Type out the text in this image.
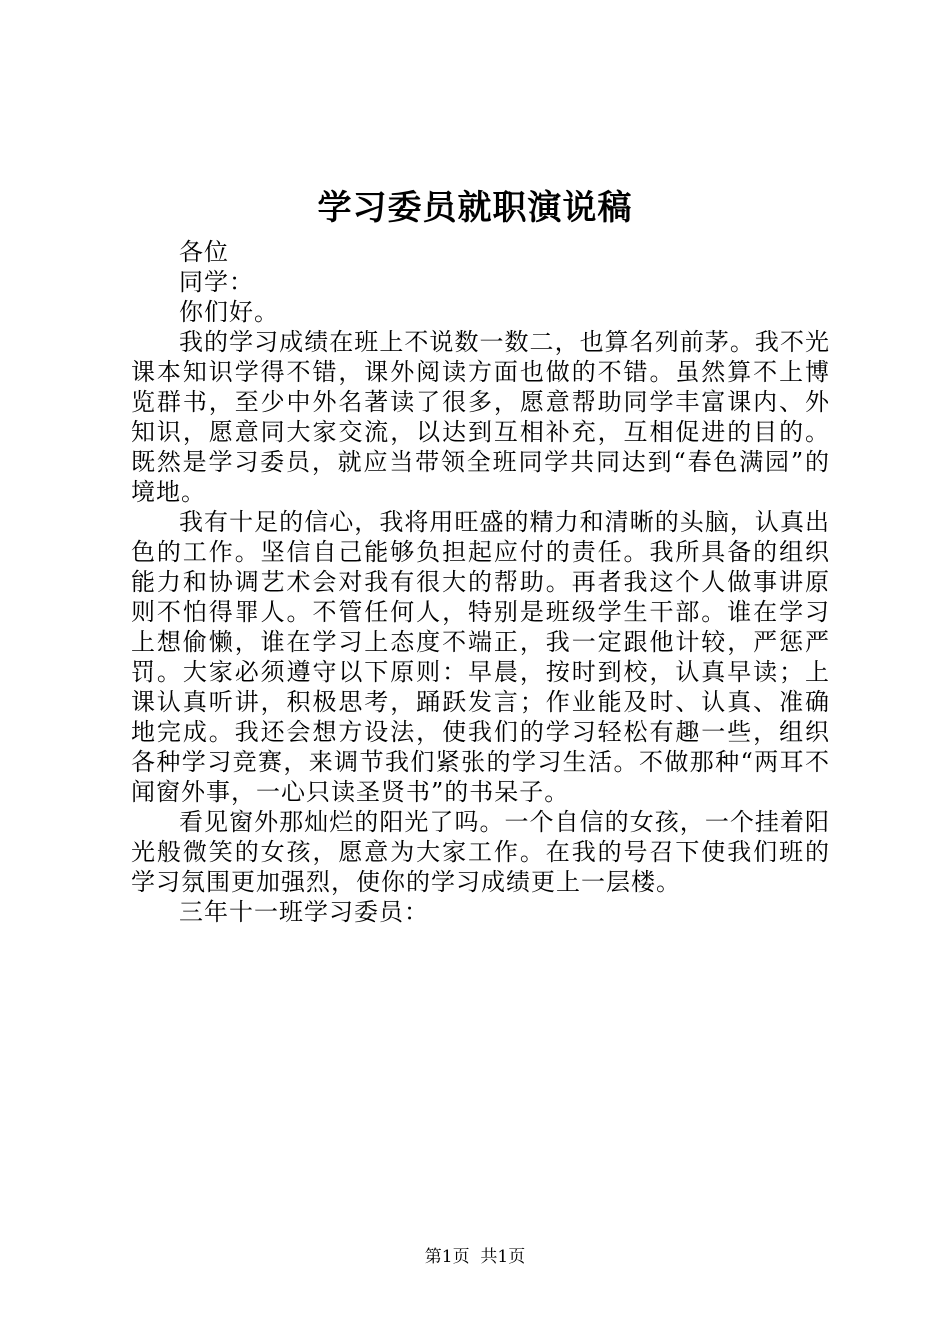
学习委员就职演说稿

各位

同学：

你们好。

我的学习成绩在班上不说数一数二，也算名列前茅。我不光课本知识学得不错，课外阅读方面也做的不错。虽然算不上博览群书，至少中外名著读了很多，愿意帮助同学丰富课内、外知识，愿意同大家交流，以达到互相补充，互相促进的目的。既然是学习委员，就应当带领全班同学共同达到“春色满园”的境地。

我有十足的信心，我将用旺盛的精力和清晰的头脑，认真出色的工作。坚信自己能够负担起应付的责任。我所具备的组织能力和协调艺术会对我有很大的帮助。再者我这个人做事讲原则不怕得罪人。不管任何人，特别是班级学生干部。谁在学习上想偷懒，谁在学习上态度不端正，我一定跟他计较，严惩严罚。大家必须遵守以下原则：早晨，按时到校，认真早读；上课认真听讲，积极思考，踊跃发言；作业能及时、认真、准确地完成。我还会想方设法，使我们的学习轻松有趣一些，组织各种学习竞赛，来调节我们紧张的学习生活。不做那种“两耳不闻窗外事，一心只读圣贤书”的书呆子。

看见窗外那灿烂的阳光了吗。一个自信的女孩，一个挂着阳光般微笑的女孩，愿意为大家工作。在我的号召下使我们班的学习氛围更加强烈，使你的学习成绩更上一层楼。

三年十一班学习委员：

第1页  共1页
